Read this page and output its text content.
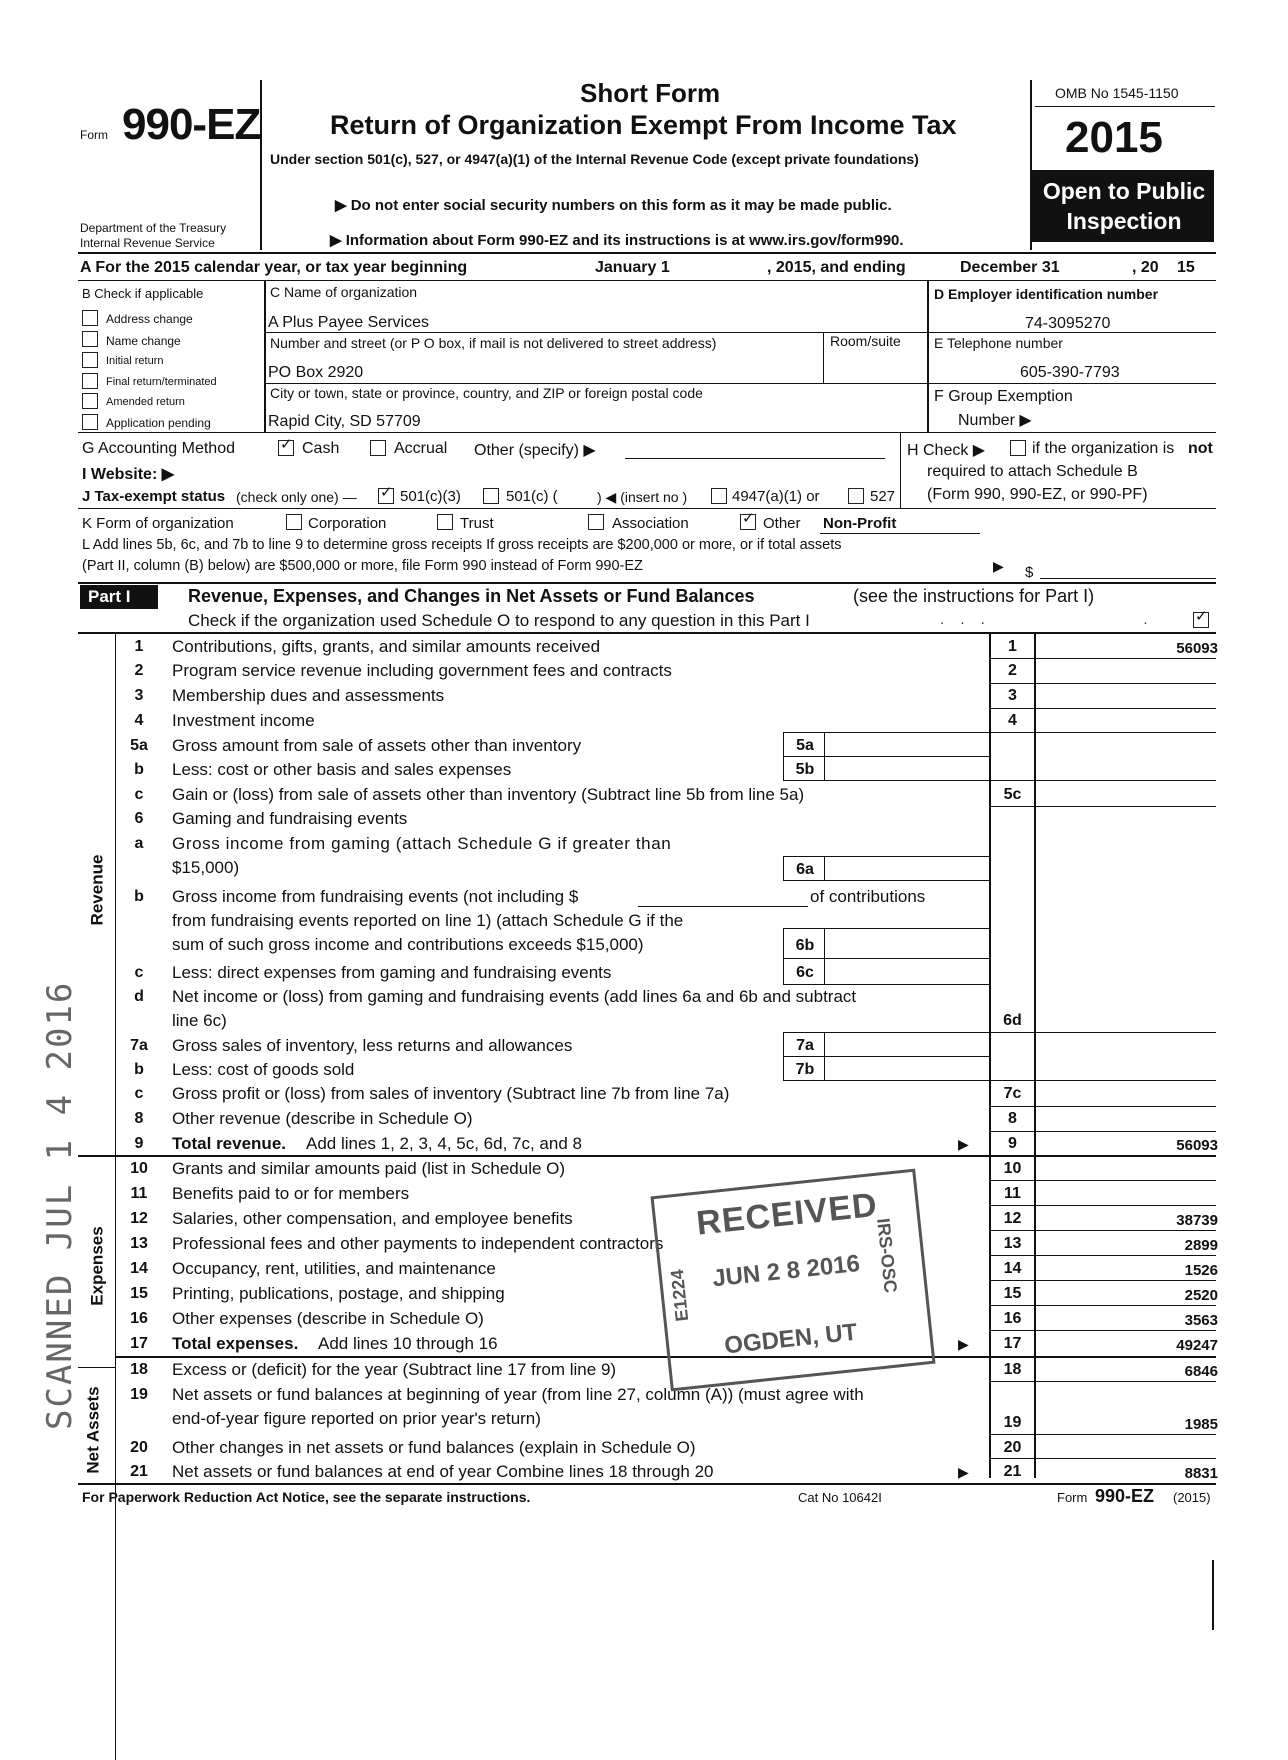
Form 990-EZ
Department of the Treasury
Internal Revenue Service
Short Form
Return of Organization Exempt From Income Tax
Under section 501(c), 527, or 4947(a)(1) of the Internal Revenue Code (except private foundations)
▶ Do not enter social security numbers on this form as it may be made public.
▶ Information about Form 990-EZ and its instructions is at www.irs.gov/form990.
OMB No 1545-1150
2015
Open to Public
Inspection
A For the 2015 calendar year, or tax year beginning	January 1	, 2015, and ending	December 31	, 20 15
B Check if applicable
Address change
Name change
Initial return
Final return/terminated
Amended return
Application pending
C Name of organization
A Plus Payee Services
Number and street (or P O box, if mail is not delivered to street address)	Room/suite
PO Box 2920
City or town, state or province, country, and ZIP or foreign postal code
Rapid City, SD 57709
D Employer identification number
74-3095270
E Telephone number
605-390-7793
F Group Exemption
Number ▶
G Accounting Method	✓ Cash	Accrual Other (specify) ▶	H Check ▶	if the organization is not
required to attach Schedule B
(Form 990, 990-EZ, or 990-PF)
I Website: ▶
J Tax-exempt status (check only one) — ✓ 501(c)(3)	501(c) (	) ◀ (insert no )	4947(a)(1) or	527
K Form of organization	Corporation	Trust	Association	✓ Other Non-Profit
L Add lines 5b, 6c, and 7b to line 9 to determine gross receipts If gross receipts are $200,000 or more, or if total assets
(Part II, column (B) below) are $500,000 or more, file Form 990 instead of Form 990-EZ	▶ $
Part I	Revenue, Expenses, and Changes in Net Assets or Fund Balances	(see the instructions for Part I)
Check if the organization used Schedule O to respond to any question in this Part I	. . .               .	✓
Revenue
Expenses
Net Assets
1	Contributions, gifts, grants, and similar amounts received	1	56093
2	Program service revenue including government fees and contracts	2
3	Membership dues and assessments	3
4	Investment income	4
5a	Gross amount from sale of assets other than inventory	5a
b	Less: cost or other basis and sales expenses	5b
c	Gain or (loss) from sale of assets other than inventory (Subtract line 5b from line 5a)	5c
6	Gaming and fundraising events
a	Gross income from gaming (attach Schedule G if greater than
$15,000)	6a
b	Gross income from fundraising events (not including $	of contributions
from fundraising events reported on line 1) (attach Schedule G if the
sum of such gross income and contributions exceeds $15,000)	6b
c	Less: direct expenses from gaming and fundraising events	6c
d	Net income or (loss) from gaming and fundraising events (add lines 6a and 6b and subtract
line 6c)	6d
7a	Gross sales of inventory, less returns and allowances	7a
b	Less: cost of goods sold	7b
c	Gross profit or (loss) from sales of inventory (Subtract line 7b from line 7a)	7c
8	Other revenue (describe in Schedule O)	8
9	Total revenue. Add lines 1, 2, 3, 4, 5c, 6d, 7c, and 8	▶	9	56093
10	Grants and similar amounts paid (list in Schedule O)	10
11	Benefits paid to or for members	11
12	Salaries, other compensation, and employee benefits	12	38739
13	Professional fees and other payments to independent contractors	13	2899
14	Occupancy, rent, utilities, and maintenance	14	1526
15	Printing, publications, postage, and shipping	15	2520
16	Other expenses (describe in Schedule O)	16	3563
17	Total expenses. Add lines 10 through 16	▶	17	49247
18	Excess or (deficit) for the year (Subtract line 17 from line 9)	18	6846
19	Net assets or fund balances at beginning of year (from line 27, column (A)) (must agree with
end-of-year figure reported on prior year's return)	19	1985
20	Other changes in net assets or fund balances (explain in Schedule O)	20
21	Net assets or fund balances at end of year Combine lines 18 through 20	▶	21	8831
For Paperwork Reduction Act Notice, see the separate instructions.	Cat No 10642I	Form 990-EZ (2015)
SCANNED JUL 1 4 2016	RECEIVED
JUN 2 8 2016
E1224
IRS-OSC
OGDEN, UT
